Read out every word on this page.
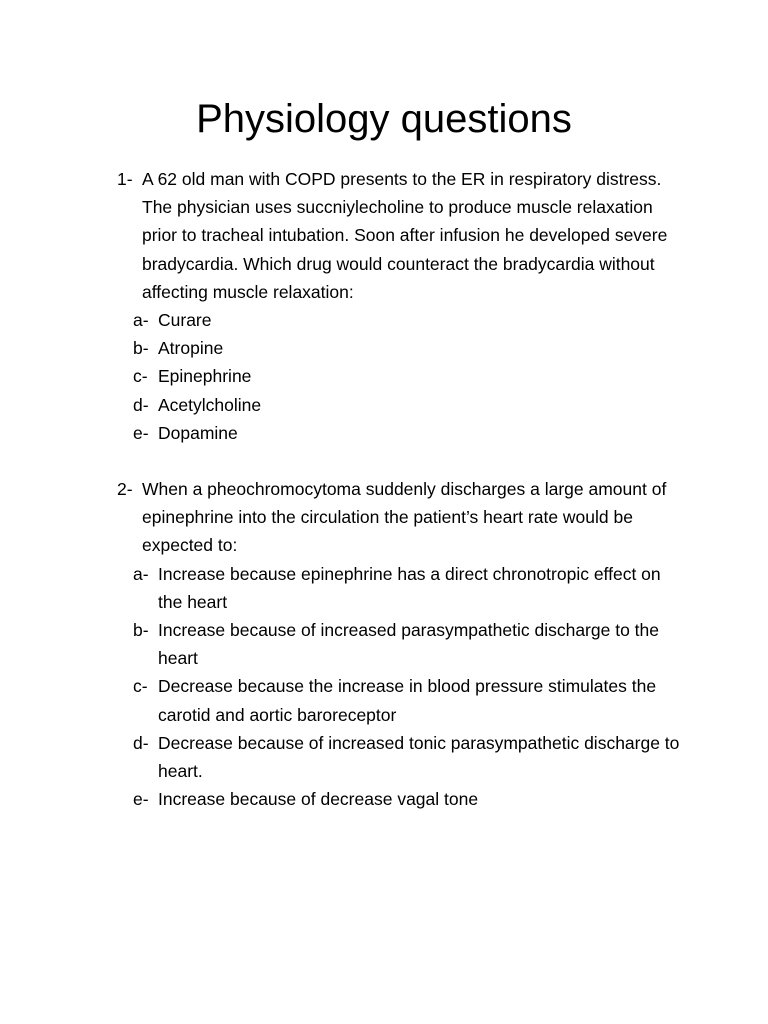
Physiology questions
1- A 62 old man with COPD presents to the ER in respiratory distress. The physician uses succniylecholine to produce muscle relaxation prior to tracheal intubation. Soon after infusion he developed severe bradycardia. Which drug would counteract the bradycardia without affecting muscle relaxation:
a- Curare
b- Atropine
c- Epinephrine
d- Acetylcholine
e- Dopamine
2- When a pheochromocytoma suddenly discharges a large amount of epinephrine into the circulation the patient’s heart rate would be expected to:
a- Increase because epinephrine has a direct chronotropic effect on the heart
b- Increase because of increased parasympathetic discharge to the heart
c- Decrease because the increase in blood pressure stimulates the carotid and aortic baroreceptor
d- Decrease because of increased tonic parasympathetic discharge to heart.
e- Increase because of decrease vagal tone
